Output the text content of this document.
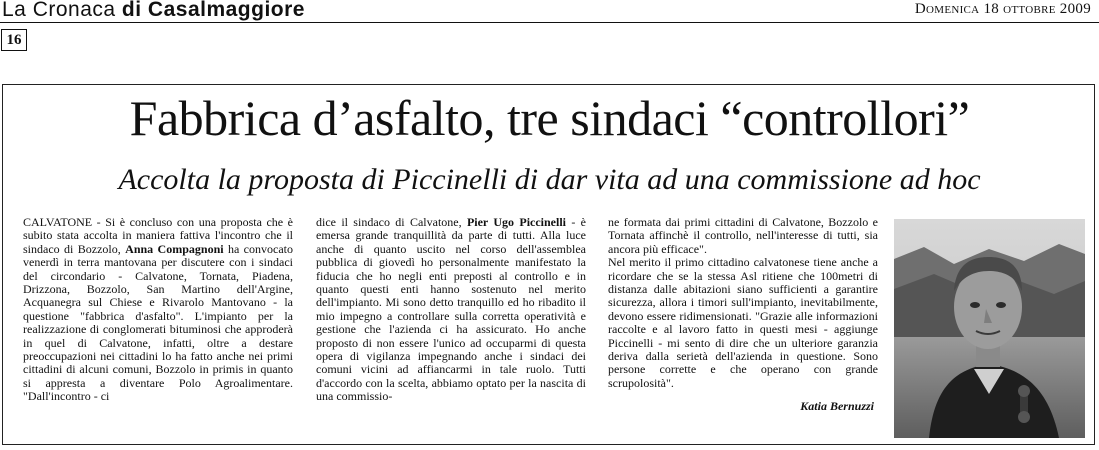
La Cronaca di Casalmaggiore	Domenica 18 ottobre 2009
16
Fabbrica d’asfalto, tre sindaci “controllori”
Accolta la proposta di Piccinelli di dar vita ad una commissione ad hoc

CALVATONE - Si è concluso con una proposta che è subito stata accolta in maniera fattiva l'incontro che il sindaco di Bozzolo, Anna Compagnoni ha convocato venerdì in terra mantovana per discutere con i sindaci del circondario - Calvatone, Tornata, Piadena, Drizzona, Bozzolo, San Martino dell'Argine, Acquanegra sul Chiese e Rivarolo Mantovano - la questione "fabbrica d'asfalto". L'impianto per la realizzazione di conglomerati bituminosi che approderà in quel di Calvatone, infatti, oltre a destare preoccupazioni nei cittadini lo ha fatto anche nei primi cittadini di alcuni comuni, Bozzolo in primis in quanto si appresta a diventare Polo Agroalimentare. "Dall'incontro - ci

dice il sindaco di Calvatone, Pier Ugo Piccinelli - è emersa grande tranquillità da parte di tutti. Alla luce anche di quanto uscito nel corso dell'assemblea pubblica di giovedì ho personalmente manifestato la fiducia che ho negli enti preposti al controllo e in quanto questi enti hanno sostenuto nel merito dell'impianto. Mi sono detto tranquillo ed ho ribadito il mio impegno a controllare sulla corretta operatività e gestione che l'azienda ci ha assicurato. Ho anche proposto di non essere l'unico ad occuparmi di questa opera di vigilanza impegnando anche i sindaci dei comuni vicini ad affiancarmi in tale ruolo. Tutti d'accordo con la scelta, abbiamo optato per la nascita di una commissio-

ne formata dai primi cittadini di Calvatone, Bozzolo e Tornata affinchè il controllo, nell'interesse di tutti, sia ancora più efficace".

Nel merito il primo cittadino calvatonese tiene anche a ricordare che se la stessa Asl ritiene che 100metri di distanza dalle abitazioni siano sufficienti a garantire sicurezza, allora i timori sull'impianto, inevitabilmente, devono essere ridimensionati. "Grazie alle informazioni raccolte e al lavoro fatto in questi mesi - aggiunge Piccinelli - mi sento di dire che un ulteriore garanzia deriva dalla serietà dell'azienda in questione. Sono persone corrette e che operano con grande scrupolosità".

Katia Bernuzzi
